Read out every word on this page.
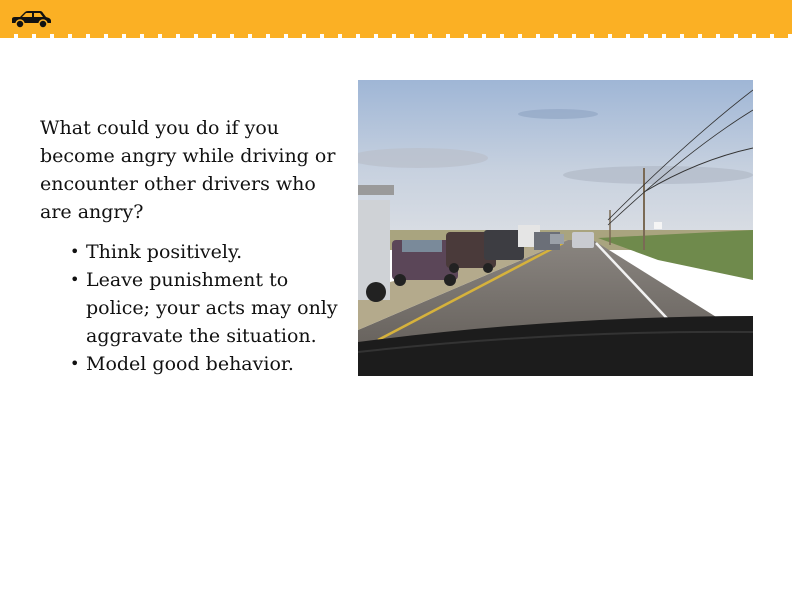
What could you do if you become angry while driving or encounter other drivers who are angry?
• Think positively.
• Leave punishment to police; your acts may only aggravate the situation.
• Model good behavior.
